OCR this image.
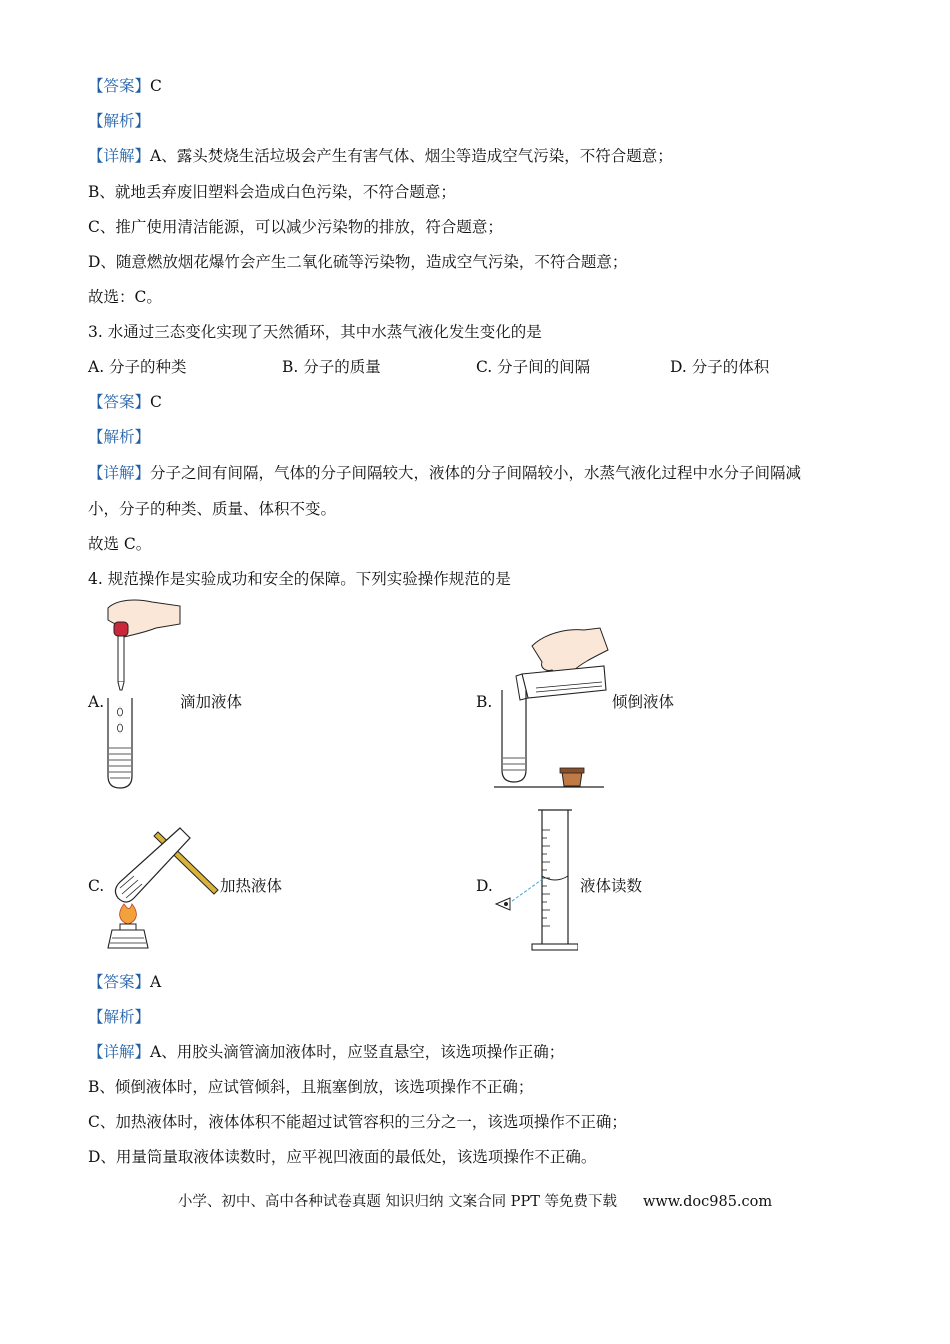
【答案】C
【解析】
【详解】A、露头焚烧生活垃圾会产生有害气体、烟尘等造成空气污染，不符合题意；
B、就地丢弃废旧塑料会造成白色污染，不符合题意；
C、推广使用清洁能源，可以减少污染物的排放，符合题意；
D、随意燃放烟花爆竹会产生二氧化硫等污染物，造成空气污染，不符合题意；
故选：C。
3. 水通过三态变化实现了天然循环，其中水蒸气液化发生变化的是
A. 分子的种类	B. 分子的质量	C. 分子间的间隔	D. 分子的体积
【答案】C
【解析】
【详解】分子之间有间隔，气体的分子间隔较大，液体的分子间隔较小，水蒸气液化过程中水分子间隔减
小，分子的种类、质量、体积不变。
故选 C。
4. 规范操作是实验成功和安全的保障。下列实验操作规范的是
A.	滴加液体	B.	倾倒液体
C.	加热液体	D.	液体读数
【答案】A
【解析】
【详解】A、用胶头滴管滴加液体时，应竖直悬空，该选项操作正确；
B、倾倒液体时，应试管倾斜，且瓶塞倒放，该选项操作不正确；
C、加热液体时，液体体积不能超过试管容积的三分之一，该选项操作不正确；
D、用量筒量取液体读数时，应平视凹液面的最低处，该选项操作不正确。
小学、初中、高中各种试卷真题 知识归纳 文案合同 PPT 等免费下载 www.doc985.com
